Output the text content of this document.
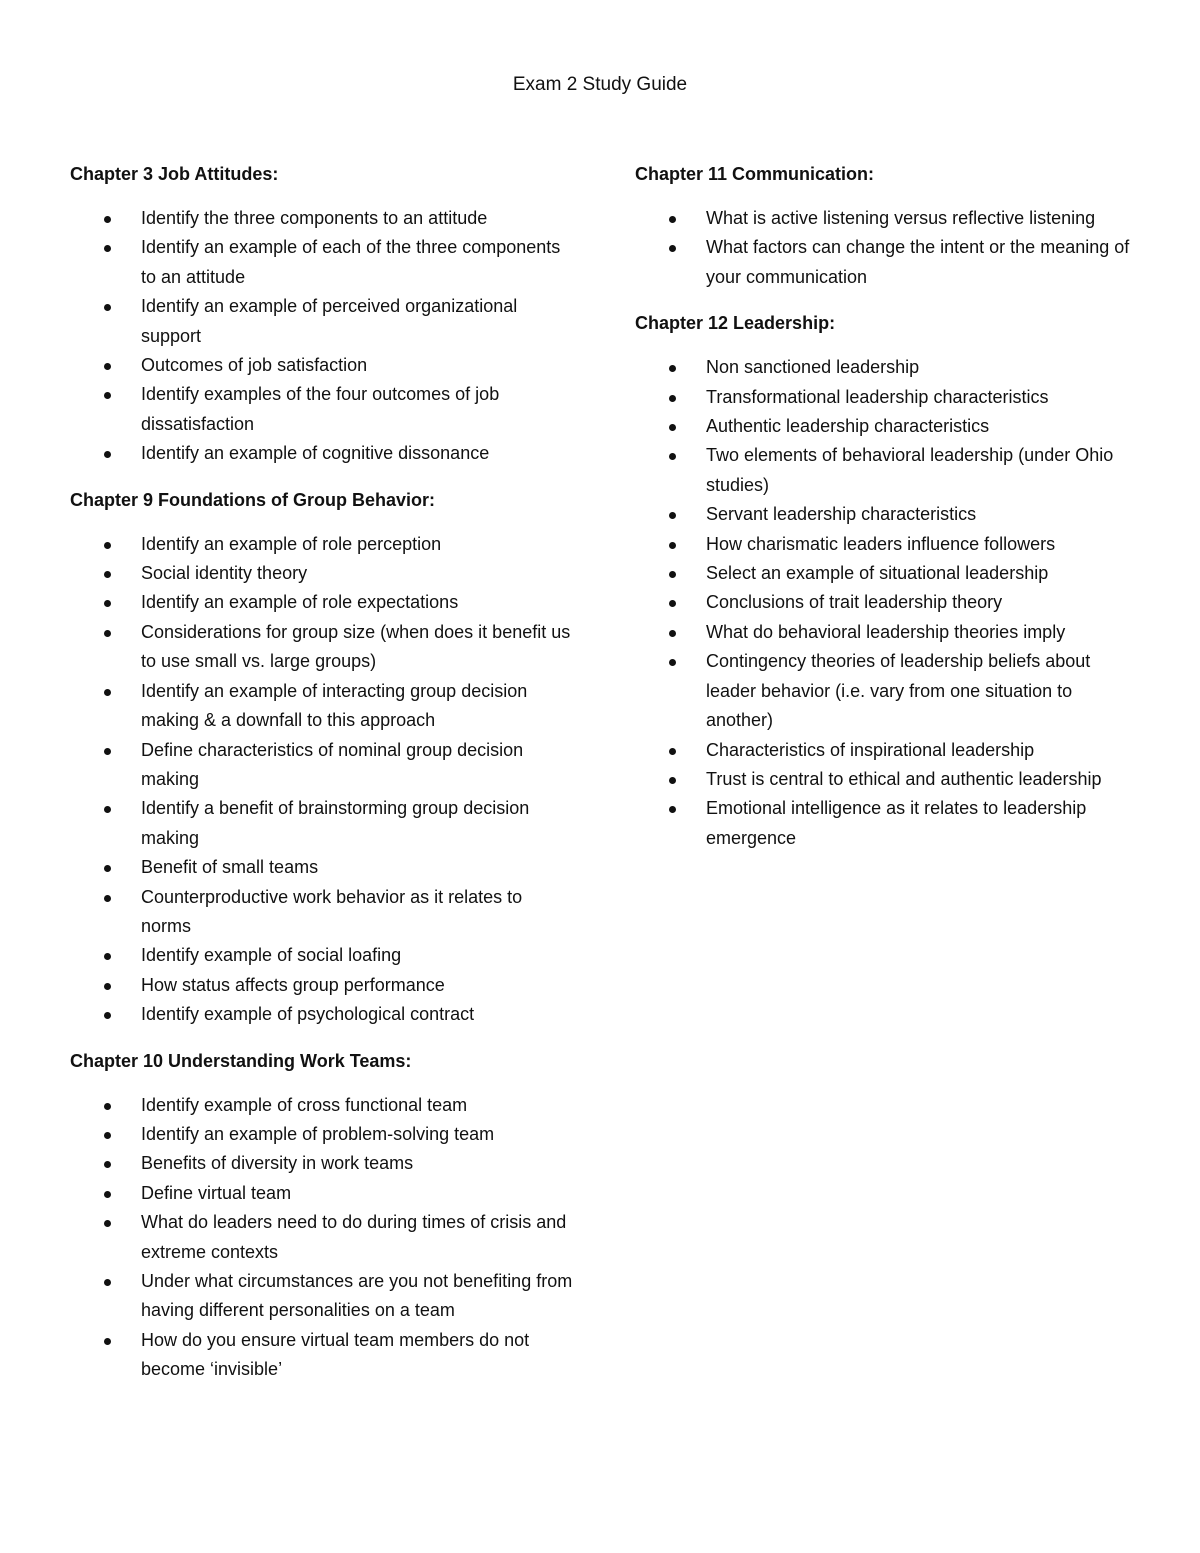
Exam 2 Study Guide
Chapter 3 Job Attitudes:
Identify the three components to an attitude
Identify an example of each of the three components to an attitude
Identify an example of perceived organizational support
Outcomes of job satisfaction
Identify examples of the four outcomes of job dissatisfaction
Identify an example of cognitive dissonance
Chapter 9 Foundations of Group Behavior:
Identify an example of role perception
Social identity theory
Identify an example of role expectations
Considerations for group size (when does it benefit us to use small vs. large groups)
Identify an example of interacting group decision making & a downfall to this approach
Define characteristics of nominal group decision making
Identify a benefit of brainstorming group decision making
Benefit of small teams
Counterproductive work behavior as it relates to norms
Identify example of social loafing
How status affects group performance
Identify example of psychological contract
Chapter 10 Understanding Work Teams:
Identify example of cross functional team
Identify an example of problem-solving team
Benefits of diversity in work teams
Define virtual team
What do leaders need to do during times of crisis and extreme contexts
Under what circumstances are you not benefiting from having different personalities on a team
How do you ensure virtual team members do not become ‘invisible’
Chapter 11 Communication:
What is active listening versus reflective listening
What factors can change the intent or the meaning of your communication
Chapter 12 Leadership:
Non sanctioned leadership
Transformational leadership characteristics
Authentic leadership characteristics
Two elements of behavioral leadership (under Ohio studies)
Servant leadership characteristics
How charismatic leaders influence followers
Select an example of situational leadership
Conclusions of trait leadership theory
What do behavioral leadership theories imply
Contingency theories of leadership beliefs about leader behavior (i.e. vary from one situation to another)
Characteristics of inspirational leadership
Trust is central to ethical and authentic leadership
Emotional intelligence as it relates to leadership emergence
